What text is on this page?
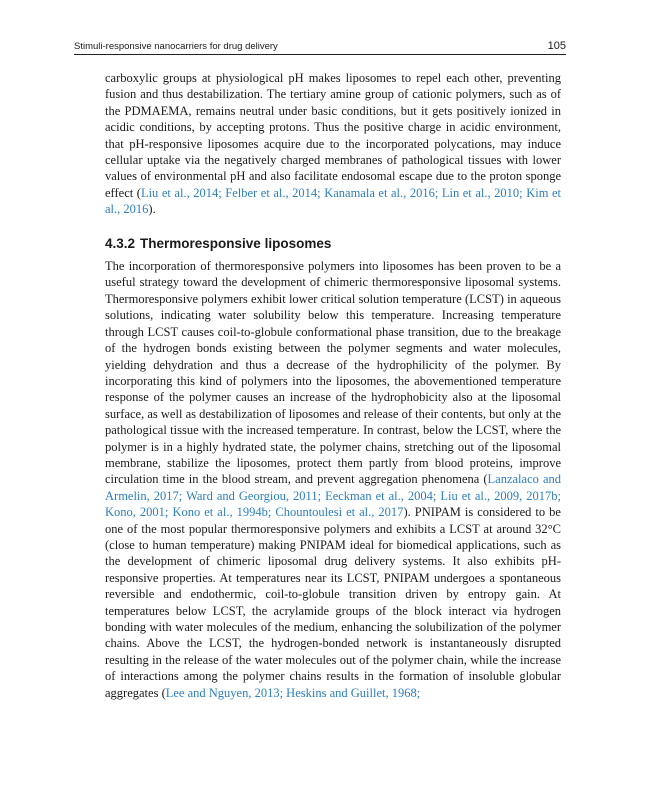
Stimuli-responsive nanocarriers for drug delivery	105

carboxylic groups at physiological pH makes liposomes to repel each other, preventing fusion and thus destabilization. The tertiary amine group of cationic polymers, such as of the PDMAEMA, remains neutral under basic conditions, but it gets positively ionized in acidic conditions, by accepting protons. Thus the positive charge in acidic environment, that pH-responsive liposomes acquire due to the incorporated polycations, may induce cellular uptake via the negatively charged membranes of pathological tissues with lower values of environmental pH and also facilitate endosomal escape due to the proton sponge effect (Liu et al., 2014; Felber et al., 2014; Kanamala et al., 2016; Lin et al., 2010; Kim et al., 2016).

4.3.2 Thermoresponsive liposomes

The incorporation of thermoresponsive polymers into liposomes has been proven to be a useful strategy toward the development of chimeric thermoresponsive liposomal systems. Thermoresponsive polymers exhibit lower critical solution temperature (LCST) in aqueous solutions, indicating water solubility below this temperature. Increasing temperature through LCST causes coil-to-globule conformational phase transition, due to the breakage of the hydrogen bonds existing between the polymer segments and water molecules, yielding dehydration and thus a decrease of the hydrophilicity of the polymer. By incorporating this kind of polymers into the liposomes, the abovementioned temperature response of the polymer causes an increase of the hydrophobicity also at the liposomal surface, as well as destabilization of liposomes and release of their contents, but only at the pathological tissue with the increased temperature. In contrast, below the LCST, where the polymer is in a highly hydrated state, the polymer chains, stretching out of the liposomal membrane, stabilize the liposomes, protect them partly from blood proteins, improve circulation time in the blood stream, and prevent aggregation phenomena (Lanzalaco and Armelin, 2017; Ward and Georgiou, 2011; Eeckman et al., 2004; Liu et al., 2009, 2017b; Kono, 2001; Kono et al., 1994b; Chountoulesi et al., 2017). PNIPAM is considered to be one of the most popular thermoresponsive polymers and exhibits a LCST at around 32°C (close to human temperature) making PNIPAM ideal for biomedical applications, such as the development of chimeric liposomal drug delivery systems. It also exhibits pH-responsive properties. At temperatures near its LCST, PNIPAM undergoes a spontaneous reversible and endothermic, coil-to-globule transition driven by entropy gain. At temperatures below LCST, the acrylamide groups of the block interact via hydrogen bonding with water molecules of the medium, enhancing the solubilization of the polymer chains. Above the LCST, the hydrogen-bonded network is instantaneously disrupted resulting in the release of the water molecules out of the polymer chain, while the increase of interactions among the polymer chains results in the formation of insoluble globular aggregates (Lee and Nguyen, 2013; Heskins and Guillet, 1968;
